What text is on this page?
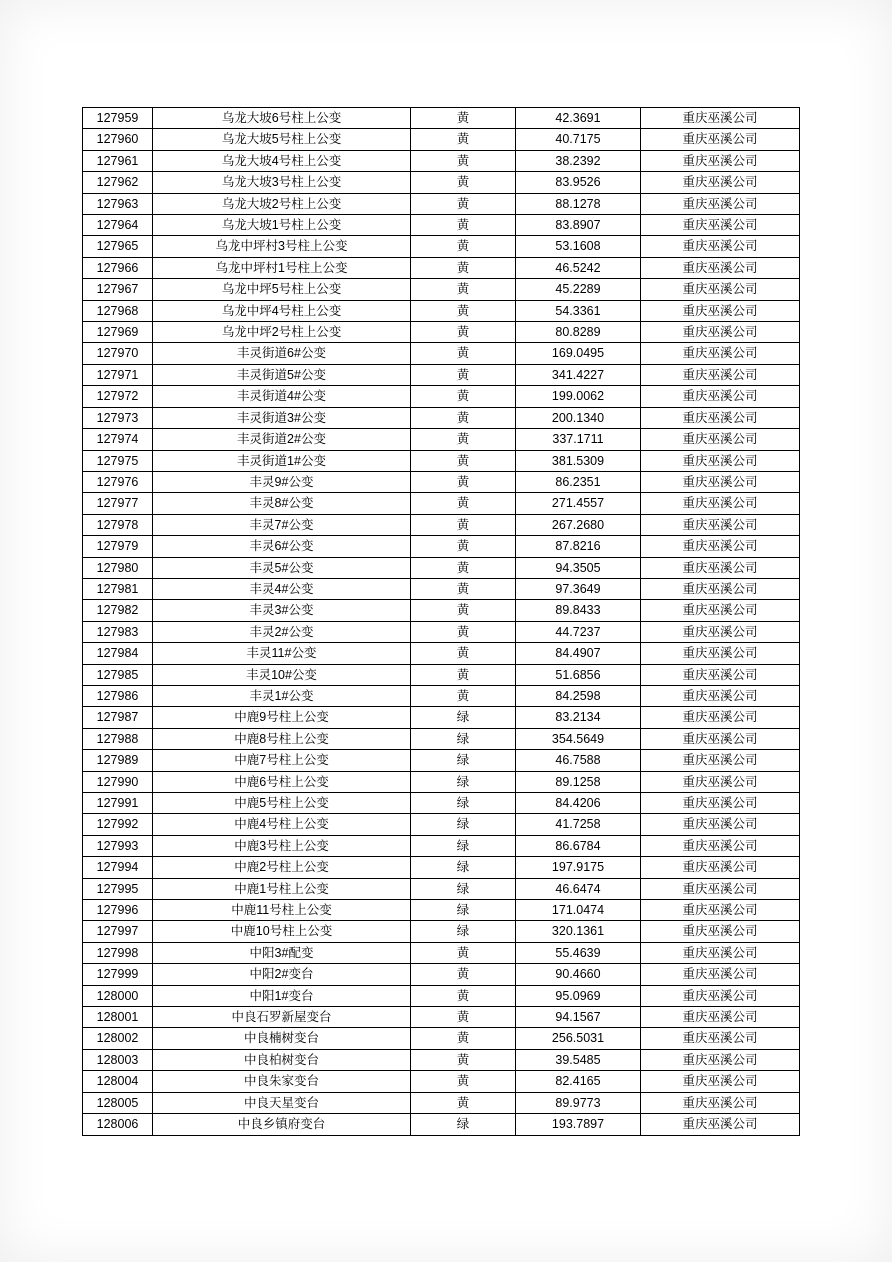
127959	乌龙大坡6号柱上公变	黄	42.3691	重庆巫溪公司
127960	乌龙大坡5号柱上公变	黄	40.7175	重庆巫溪公司
127961	乌龙大坡4号柱上公变	黄	38.2392	重庆巫溪公司
127962	乌龙大坡3号柱上公变	黄	83.9526	重庆巫溪公司
127963	乌龙大坡2号柱上公变	黄	88.1278	重庆巫溪公司
127964	乌龙大坡1号柱上公变	黄	83.8907	重庆巫溪公司
127965	乌龙中坪村3号柱上公变	黄	53.1608	重庆巫溪公司
127966	乌龙中坪村1号柱上公变	黄	46.5242	重庆巫溪公司
127967	乌龙中坪5号柱上公变	黄	45.2289	重庆巫溪公司
127968	乌龙中坪4号柱上公变	黄	54.3361	重庆巫溪公司
127969	乌龙中坪2号柱上公变	黄	80.8289	重庆巫溪公司
127970	丰灵街道6#公变	黄	169.0495	重庆巫溪公司
127971	丰灵街道5#公变	黄	341.4227	重庆巫溪公司
127972	丰灵街道4#公变	黄	199.0062	重庆巫溪公司
127973	丰灵街道3#公变	黄	200.1340	重庆巫溪公司
127974	丰灵街道2#公变	黄	337.1711	重庆巫溪公司
127975	丰灵街道1#公变	黄	381.5309	重庆巫溪公司
127976	丰灵9#公变	黄	86.2351	重庆巫溪公司
127977	丰灵8#公变	黄	271.4557	重庆巫溪公司
127978	丰灵7#公变	黄	267.2680	重庆巫溪公司
127979	丰灵6#公变	黄	87.8216	重庆巫溪公司
127980	丰灵5#公变	黄	94.3505	重庆巫溪公司
127981	丰灵4#公变	黄	97.3649	重庆巫溪公司
127982	丰灵3#公变	黄	89.8433	重庆巫溪公司
127983	丰灵2#公变	黄	44.7237	重庆巫溪公司
127984	丰灵11#公变	黄	84.4907	重庆巫溪公司
127985	丰灵10#公变	黄	51.6856	重庆巫溪公司
127986	丰灵1#公变	黄	84.2598	重庆巫溪公司
127987	中鹿9号柱上公变	绿	83.2134	重庆巫溪公司
127988	中鹿8号柱上公变	绿	354.5649	重庆巫溪公司
127989	中鹿7号柱上公变	绿	46.7588	重庆巫溪公司
127990	中鹿6号柱上公变	绿	89.1258	重庆巫溪公司
127991	中鹿5号柱上公变	绿	84.4206	重庆巫溪公司
127992	中鹿4号柱上公变	绿	41.7258	重庆巫溪公司
127993	中鹿3号柱上公变	绿	86.6784	重庆巫溪公司
127994	中鹿2号柱上公变	绿	197.9175	重庆巫溪公司
127995	中鹿1号柱上公变	绿	46.6474	重庆巫溪公司
127996	中鹿11号柱上公变	绿	171.0474	重庆巫溪公司
127997	中鹿10号柱上公变	绿	320.1361	重庆巫溪公司
127998	中阳3#配变	黄	55.4639	重庆巫溪公司
127999	中阳2#变台	黄	90.4660	重庆巫溪公司
128000	中阳1#变台	黄	95.0969	重庆巫溪公司
128001	中良石罗新屋变台	黄	94.1567	重庆巫溪公司
128002	中良楠树变台	黄	256.5031	重庆巫溪公司
128003	中良柏树变台	黄	39.5485	重庆巫溪公司
128004	中良朱家变台	黄	82.4165	重庆巫溪公司
128005	中良天星变台	黄	89.9773	重庆巫溪公司
128006	中良乡镇府变台	绿	193.7897	重庆巫溪公司
